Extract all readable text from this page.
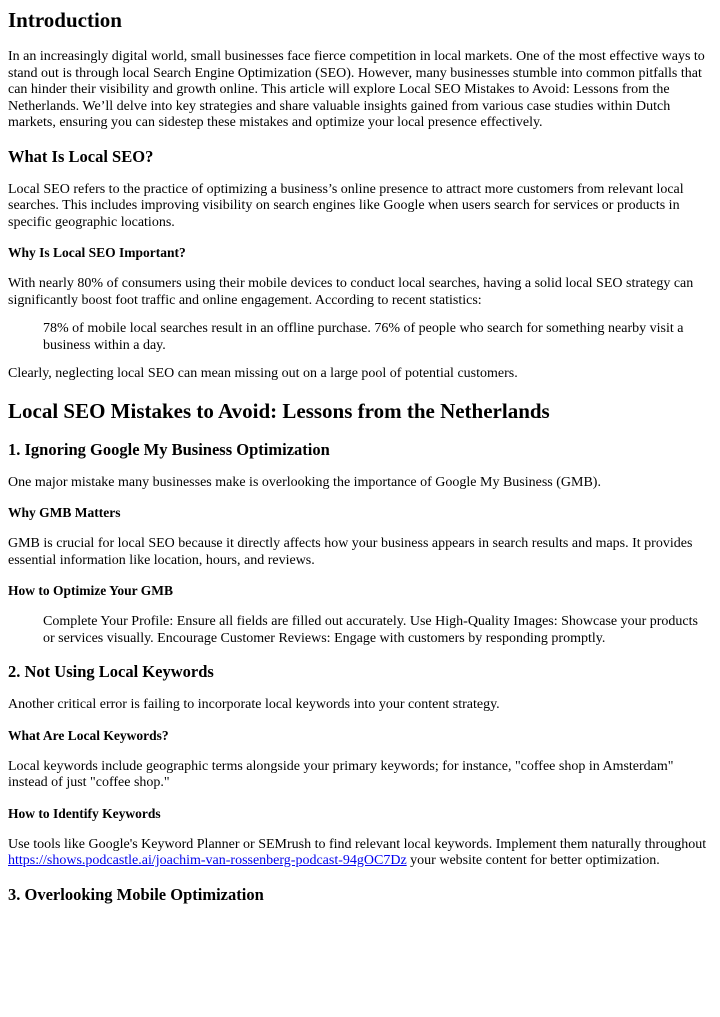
Introduction

In an increasingly digital world, small businesses face fierce competition in local markets. One of the most effective ways to stand out is through local Search Engine Optimization (SEO). However, many businesses stumble into common pitfalls that can hinder their visibility and growth online. This article will explore Local SEO Mistakes to Avoid: Lessons from the Netherlands. We’ll delve into key strategies and share valuable insights gained from various case studies within Dutch markets, ensuring you can sidestep these mistakes and optimize your local presence effectively.

What Is Local SEO?

Local SEO refers to the practice of optimizing a business’s online presence to attract more customers from relevant local searches. This includes improving visibility on search engines like Google when users search for services or products in specific geographic locations.

Why Is Local SEO Important?

With nearly 80% of consumers using their mobile devices to conduct local searches, having a solid local SEO strategy can significantly boost foot traffic and online engagement. According to recent statistics:

78% of mobile local searches result in an offline purchase. 76% of people who search for something nearby visit a business within a day.

Clearly, neglecting local SEO can mean missing out on a large pool of potential customers.

Local SEO Mistakes to Avoid: Lessons from the Netherlands
1. Ignoring Google My Business Optimization

One major mistake many businesses make is overlooking the importance of Google My Business (GMB).

Why GMB Matters

GMB is crucial for local SEO because it directly affects how your business appears in search results and maps. It provides essential information like location, hours, and reviews.

How to Optimize Your GMB
Complete Your Profile: Ensure all fields are filled out accurately. Use High-Quality Images: Showcase your products or services visually. Encourage Customer Reviews: Engage with customers by responding promptly.
2. Not Using Local Keywords

Another critical error is failing to incorporate local keywords into your content strategy.

What Are Local Keywords?

Local keywords include geographic terms alongside your primary keywords; for instance, "coffee shop in Amsterdam" instead of just "coffee shop."

How to Identify Keywords

Use tools like Google's Keyword Planner or SEMrush to find relevant local keywords. Implement them naturally throughout https://shows.podcastle.ai/joachim-van-rossenberg-podcast-94gOC7Dz your website content for better optimization.

3. Overlooking Mobile Optimization
